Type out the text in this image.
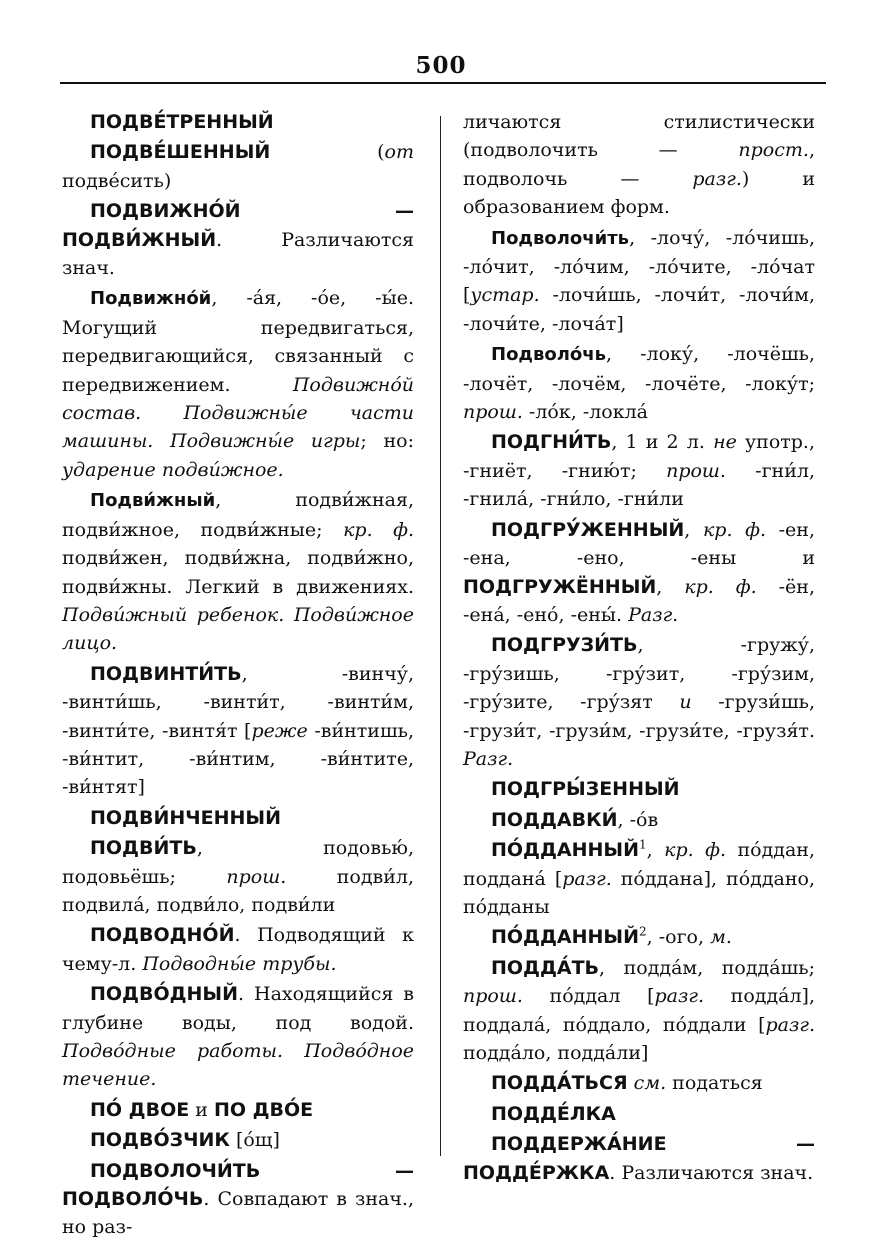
500

ПОДВЕ́ТРЕННЫЙ

ПОДВЕ́ШЕННЫЙ (от подве́сить)

ПОДВИЖНО́Й — ПОДВИ́ЖНЫЙ. Различаются знач.

Подвижно́й, -а́я, -о́е, -ы́е. Могущий передвигаться, передвигающийся, связанный с передвижением. Подвижно́й состав. Подвижны́е части машины. Подвижны́е игры; но: ударение подви́жное.

Подви́жный, подви́жная, подви́жное, подви́жные; кр. ф. подви́жен, подви́жна, подви́жно, подви́жны. Легкий в движениях. Подви́жный ребенок. Подви́жное лицо.

ПОДВИНТИ́ТЬ, -винчу́, -винти́шь, -винти́т, -винти́м, -винти́те, -винтя́т [реже -ви́нтишь, -ви́нтит, -ви́нтим, -ви́нтите, -ви́нтят]

ПОДВИ́НЧЕННЫЙ

ПОДВИ́ТЬ, подовью́, подовьёшь; прош. подви́л, подвила́, подви́ло, подви́ли

ПОДВОДНО́Й. Подводящий к чему-л. Подводны́е трубы.

ПОДВО́ДНЫЙ. Находящийся в глубине воды, под водой. Подво́дные работы. Подво́дное течение.

ПО́ ДВОЕ и ПО ДВО́Е

ПОДВО́ЗЧИК [о́щ]

ПОДВОЛОЧИ́ТЬ — ПОДВОЛО́ЧЬ. Совпадают в знач., но раз-

личаются стилистически (подволочить — прост., подволочь — разг.) и образованием форм.

Подволочи́ть, -лочу́, -ло́чишь, -ло́чит, -ло́чим, -ло́чите, -ло́чат [устар. -лочи́шь, -лочи́т, -лочи́м, -лочи́те, -лоча́т]

Подволо́чь, -локу́, -лочёшь, -лочёт, -лочём, -лочёте, -локу́т; прош. -ло́к, -локла́

ПОДГНИ́ТЬ, 1 и 2 л. не употр., -гниёт, -гнию́т; прош. -гни́л, -гнила́, -гни́ло, -гни́ли

ПОДГРУ́ЖЕННЫЙ, кр. ф. -ен, -ена, -ено, -ены и ПОДГРУЖЁННЫЙ, кр. ф. -ён, -ена́, -ено́, -ены́. Разг.

ПОДГРУЗИ́ТЬ, -гружу́, -гру́зишь, -гру́зит, -гру́зим, -гру́зите, -гру́зят и -грузи́шь, -грузи́т, -грузи́м, -грузи́те, -грузя́т. Разг.

ПОДГРЫ́ЗЕННЫЙ

ПОДДАВКИ́, -о́в

ПО́ДДАННЫЙ$^1$, кр. ф. по́ддан, поддана́ [разг. по́ддана], по́ддано, по́дданы

ПО́ДДАННЫЙ$^2$, -ого, м.

ПОДДА́ТЬ, подда́м, подда́шь; прош. по́ддал [разг. подда́л], поддала́, по́ддало, по́ддали [разг. подда́ло, подда́ли]

ПОДДА́ТЬСЯ см. податься

ПОДДЕ́ЛКА

ПОДДЕРЖА́НИЕ — ПОДДЕ́РЖКА. Различаются знач.
